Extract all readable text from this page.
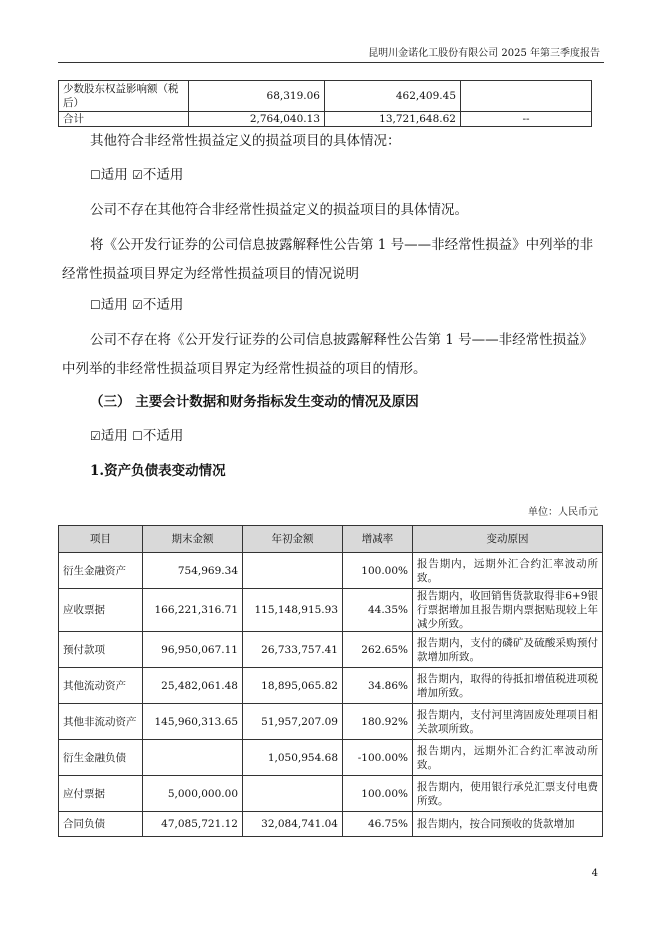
昆明川金诺化工股份有限公司 2025 年第三季度报告
少数股东权益影响额（税后）	68,319.06	462,409.45	
合计	2,764,040.13	13,721,648.62	--

其他符合非经常性损益定义的损益项目的具体情况：

☐适用 ☑不适用

公司不存在其他符合非经常性损益定义的损益项目的具体情况。

将《公开发行证券的公司信息披露解释性公告第 1 号——非经常性损益》中列举的非经常性损益项目界定为经常性损益项目的情况说明

☐适用 ☑不适用

公司不存在将《公开发行证券的公司信息披露解释性公告第 1 号——非经常性损益》中列举的非经常性损益项目界定为经常性损益的项目的情形。

（三） 主要会计数据和财务指标发生变动的情况及原因

☑适用 ☐不适用

1.资产负债表变动情况

单位：人民币元
项目	期末金额	年初金额	增减率	变动原因
衍生金融资产	754,969.34		100.00%	报告期内，远期外汇合约汇率波动所致。
应收票据	166,221,316.71	115,148,915.93	44.35%	报告期内，收回销售货款取得非6+9银行票据增加且报告期内票据贴现较上年减少所致。
预付款项	96,950,067.11	26,733,757.41	262.65%	报告期内，支付的磷矿及硫酸采购预付款增加所致。
其他流动资产	25,482,061.48	18,895,065.82	34.86%	报告期内，取得的待抵扣增值税进项税增加所致。
其他非流动资产	145,960,313.65	51,957,207.09	180.92%	报告期内，支付河里湾固废处理项目相关款项所致。
衍生金融负债		1,050,954.68	-100.00%	报告期内，远期外汇合约汇率波动所致。
应付票据	5,000,000.00		100.00%	报告期内，使用银行承兑汇票支付电费所致。
合同负债	47,085,721.12	32,084,741.04	46.75%	报告期内，按合同预收的货款增加
4
